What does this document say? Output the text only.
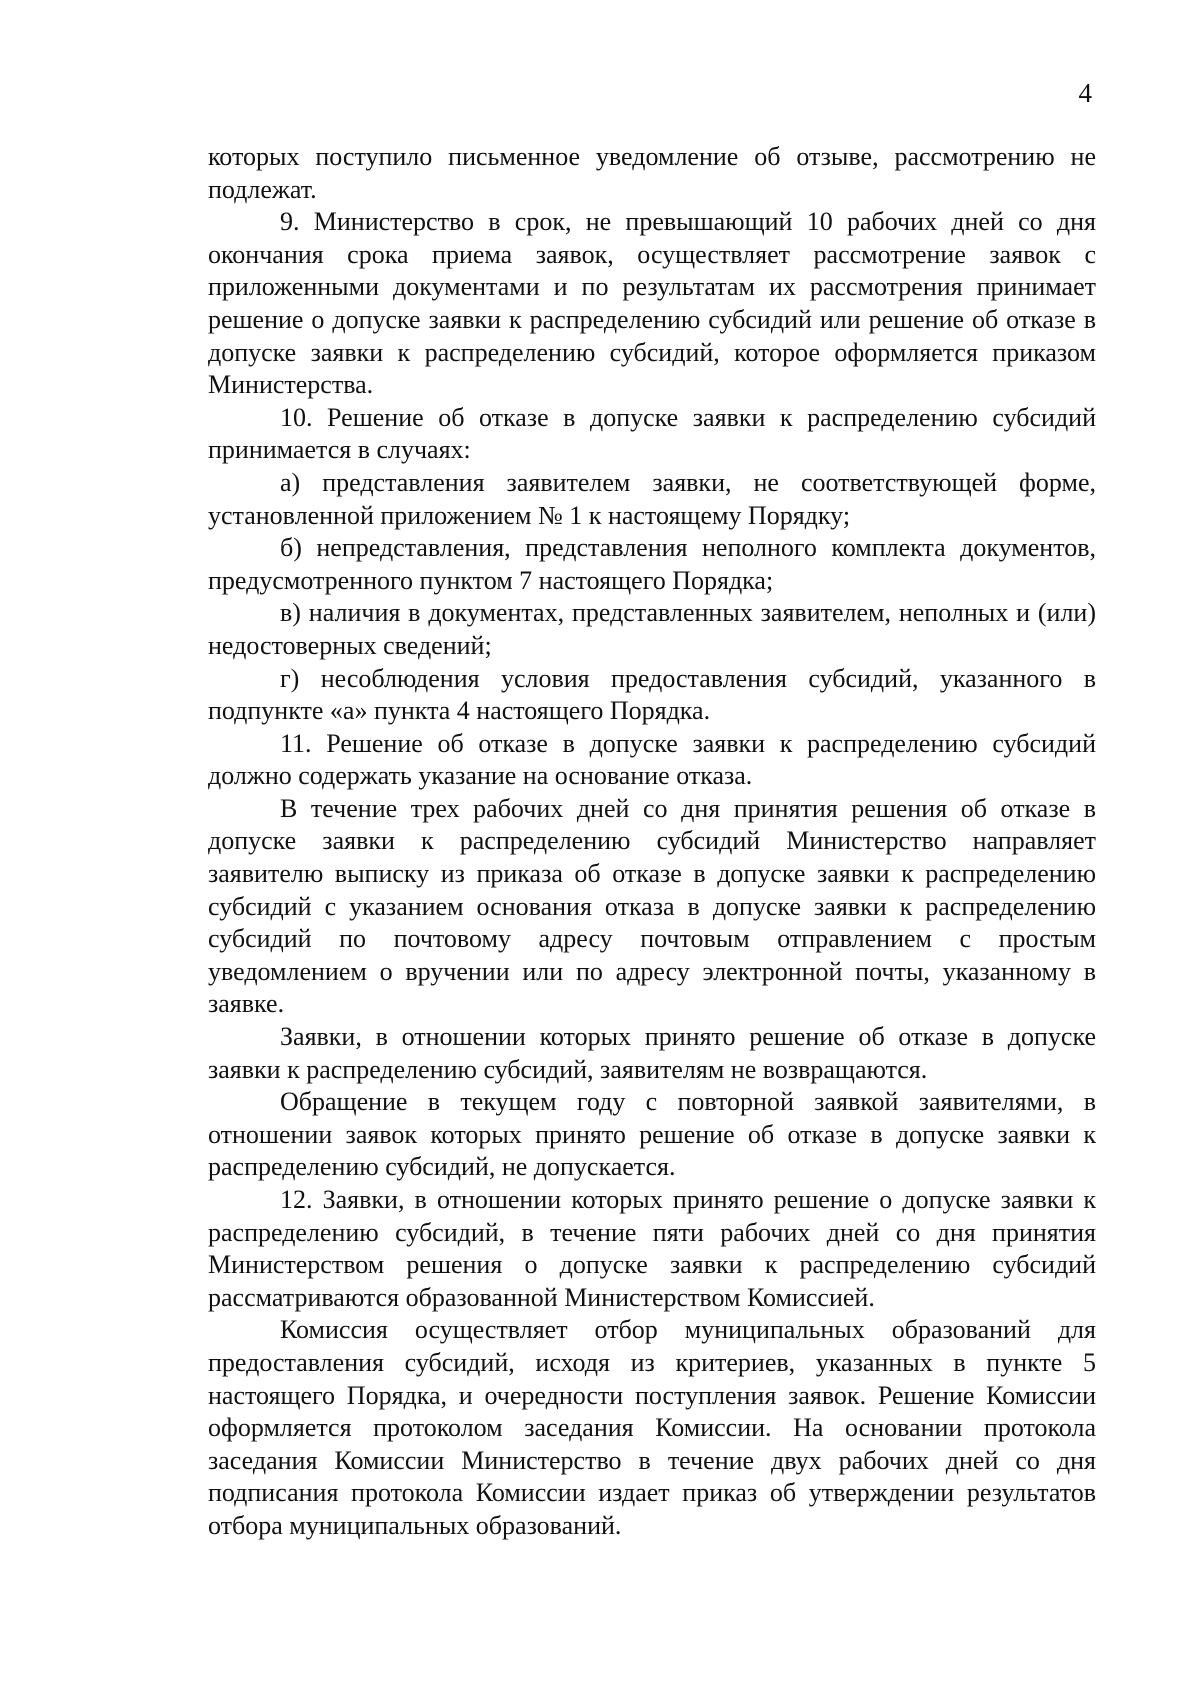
4

которых поступило письменное уведомление об отзыве, рассмотрению не подлежат.

9. Министерство в срок, не превышающий 10 рабочих дней со дня окончания срока приема заявок, осуществляет рассмотрение заявок с приложенными документами и по результатам их рассмотрения принимает решение о допуске заявки к распределению субсидий или решение об отказе в допуске заявки к распределению субсидий, которое оформляется приказом Министерства.

10. Решение об отказе в допуске заявки к распределению субсидий принимается в случаях:

а) представления заявителем заявки, не соответствующей форме, установленной приложением № 1 к настоящему Порядку;

б) непредставления, представления неполного комплекта документов, предусмотренного пунктом 7 настоящего Порядка;

в) наличия в документах, представленных заявителем, неполных и (или) недостоверных сведений;

г) несоблюдения условия предоставления субсидий, указанного в подпункте «а» пункта 4 настоящего Порядка.

11. Решение об отказе в допуске заявки к распределению субсидий должно содержать указание на основание отказа.

В течение трех рабочих дней со дня принятия решения об отказе в допуске заявки к распределению субсидий Министерство направляет заявителю выписку из приказа об отказе в допуске заявки к распределению субсидий с указанием основания отказа в допуске заявки к распределению субсидий по почтовому адресу почтовым отправлением с простым уведомлением о вручении или по адресу электронной почты, указанному в заявке.

Заявки, в отношении которых принято решение об отказе в допуске заявки к распределению субсидий, заявителям не возвращаются.

Обращение в текущем году с повторной заявкой заявителями, в отношении заявок которых принято решение об отказе в допуске заявки к распределению субсидий, не допускается.

12. Заявки, в отношении которых принято решение о допуске заявки к распределению субсидий, в течение пяти рабочих дней со дня принятия Министерством решения о допуске заявки к распределению субсидий рассматриваются образованной Министерством Комиссией.

Комиссия осуществляет отбор муниципальных образований для предоставления субсидий, исходя из критериев, указанных в пункте 5 настоящего Порядка, и очередности поступления заявок. Решение Комиссии оформляется протоколом заседания Комиссии. На основании протокола заседания Комиссии Министерство в течение двух рабочих дней со дня подписания протокола Комиссии издает приказ об утверждении результатов отбора муниципальных образований.
